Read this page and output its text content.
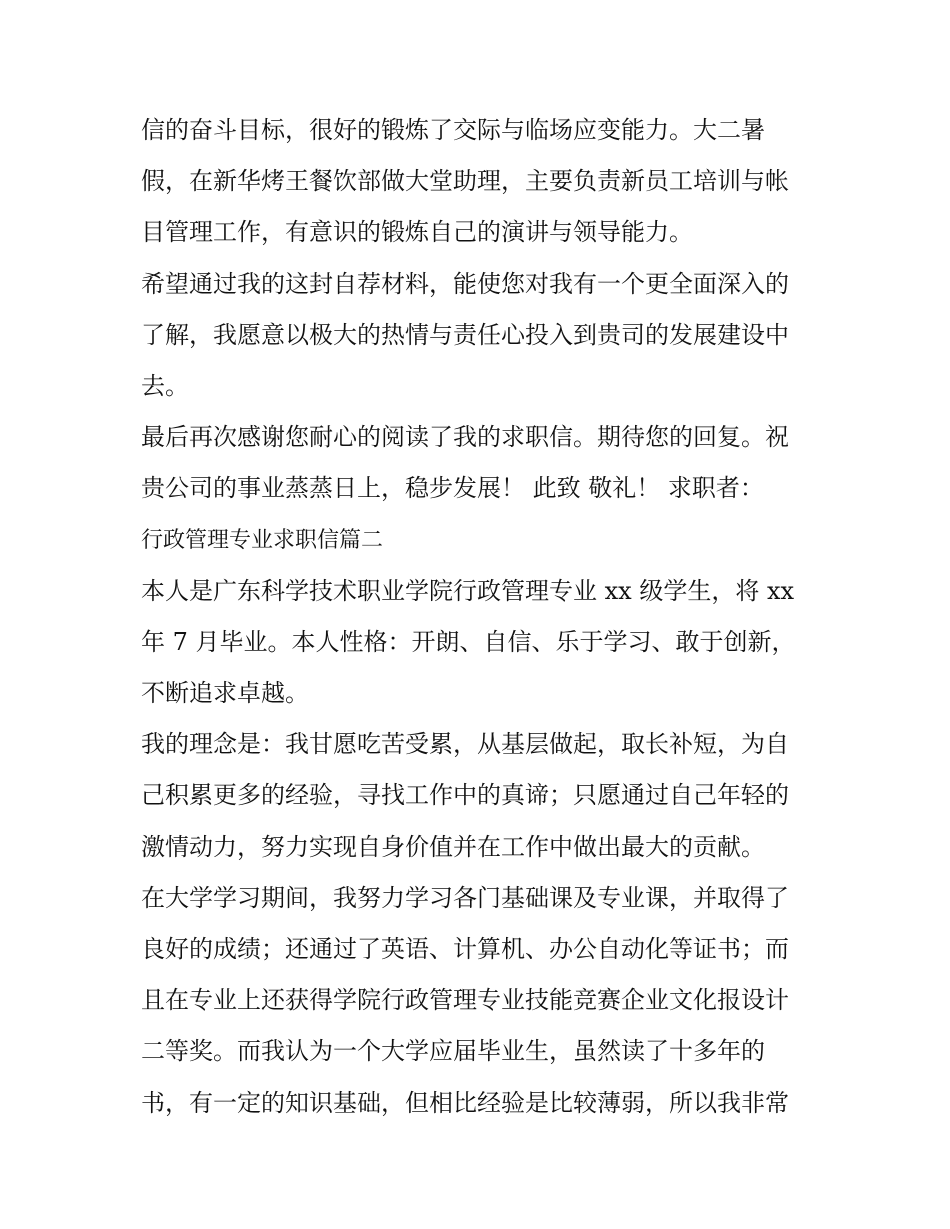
信的奋斗目标，很好的锻炼了交际与临场应变能力。大二暑
假，在新华烤王餐饮部做大堂助理，主要负责新员工培训与帐
目管理工作，有意识的锻炼自己的演讲与领导能力。
希望通过我的这封自荐材料，能使您对我有一个更全面深入的
了解，我愿意以极大的热情与责任心投入到贵司的发展建设中
去。
最后再次感谢您耐心的阅读了我的求职信。期待您的回复。祝
贵公司的事业蒸蒸日上，稳步发展！ 此致 敬礼！ 求职者：
行政管理专业求职信篇二
本人是广东科学技术职业学院行政管理专业 xx 级学生，将 xx
年 7 月毕业。本人性格：开朗、自信、乐于学习、敢于创新，
不断追求卓越。
我的理念是：我甘愿吃苦受累，从基层做起，取长补短，为自
己积累更多的经验，寻找工作中的真谛；只愿通过自己年轻的
激情动力，努力实现自身价值并在工作中做出最大的贡献。
在大学学习期间，我努力学习各门基础课及专业课，并取得了
良好的成绩；还通过了英语、计算机、办公自动化等证书；而
且在专业上还获得学院行政管理专业技能竞赛企业文化报设计
二等奖。而我认为一个大学应届毕业生，虽然读了十多年的
书，有一定的知识基础，但相比经验是比较薄弱，所以我非常
